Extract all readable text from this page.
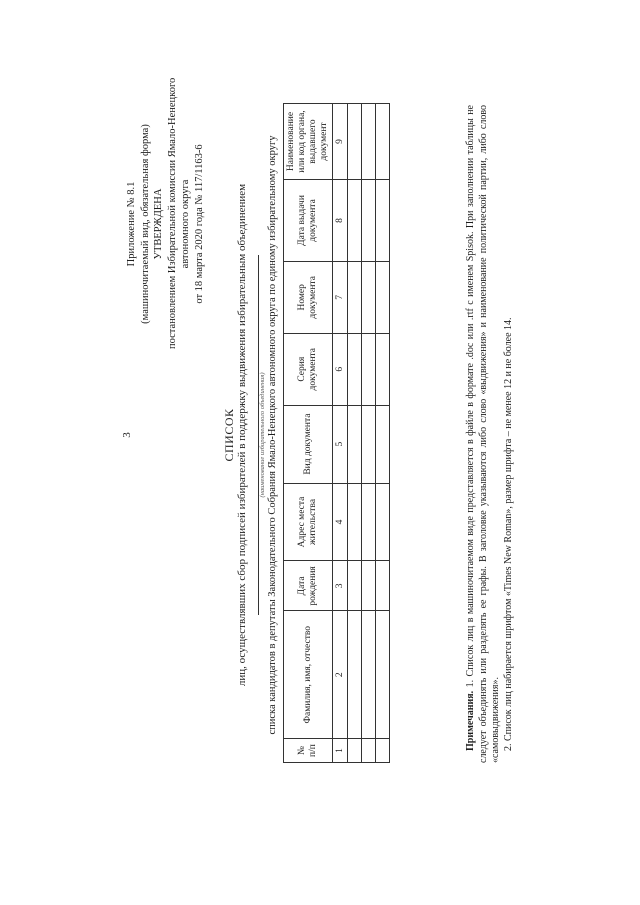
3
Приложение № 8.1 (машиночитаемый вид, обязательная форма) УТВЕРЖДЕНА постановлением Избирательной комиссии Ямало-Ненецкого автономного округа от 18 марта 2020 года № 117/1163-6
СПИСОК лиц, осуществлявших сбор подписей избирателей в поддержку выдвижения избирательным объединением (наименование избирательного объединения) списка кандидатов в депутаты Законодательного Собрания Ямало-Ненецкого автономного округа по единому избирательному округу
№ п/п	Фамилия, имя, отчество	Дата рождения	Адрес места жительства	Вид документа	Серия документа	Номер документа	Дата выдачи документа	Наименование или код органа, выдавшего документ
1	2	3	4	5	6	7	8	9

Примечания. 1. Список лиц в машиночитаемом виде представляется в файле в формате .doc или .rtf с именем Spisok. При заполнении таблицы не следует объединять или разделять ее графы. В заголовке указываются либо слово «выдвижения» и наименование политической партии, либо слово «самовыдвижения». 2. Список лиц набирается шрифтом «Times New Roman», размер шрифта – не менее 12 и не более 14.
